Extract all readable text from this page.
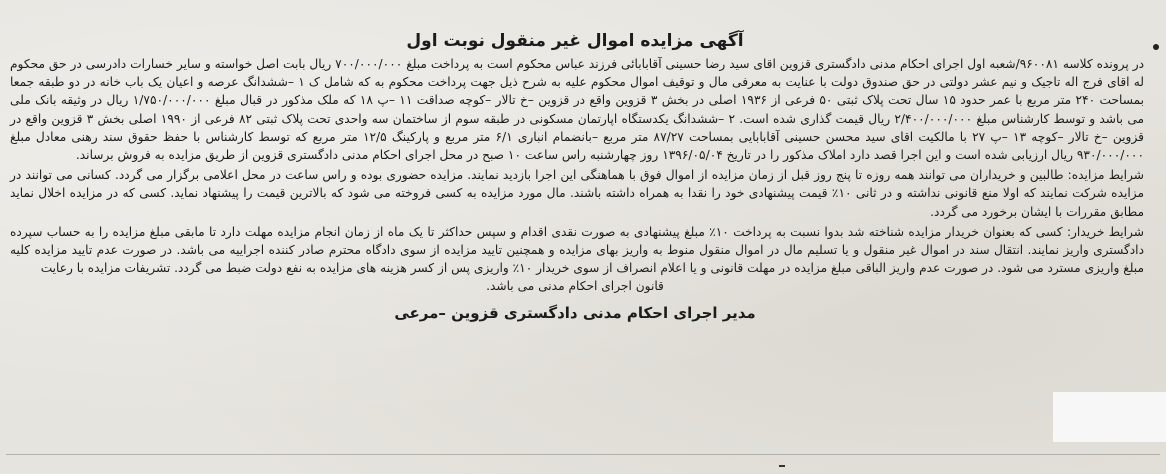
آگهی مزایده اموال غیر منقول نوبت اول

در پرونده کلاسه ۹۶۰۰۸۱/شعبه اول اجرای احکام مدنی دادگستری قزوین اقای سید رضا حسینی آقابابائی فرزند عباس محکوم است به پرداخت مبلغ ۷۰۰/۰۰۰/۰۰۰ ریال بابت اصل خواسته و سایر خسارات دادرسی در حق محکوم له اقای فرج اله تاجیک و نیم عشر دولتی در حق صندوق دولت با عنایت به معرفی مال و توقیف اموال محکوم علیه به شرح ذیل جهت پرداخت محکوم به که شامل ک ۱ –ششدانگ عرصه و اعیان یک باب خانه در دو طبقه جمعا بمساحت ۲۴۰ متر مربع با عمر حدود ۱۵ سال تحت پلاک ثبتی ۵۰ فرعی از ۱۹۳۶ اصلی در بخش ۳ قزوین واقع در قزوین –خ تالار –کوچه صداقت ۱۱ –پ ۱۸ که ملک مذکور در قبال مبلغ ۱/۷۵۰/۰۰۰/۰۰۰ ریال در وثیقه بانک ملی می باشد و توسط کارشناس مبلغ ۲/۴۰۰/۰۰۰/۰۰۰ ریال قیمت گذاری شده است. ۲ –ششدانگ یکدستگاه اپارتمان مسکونی در طبقه سوم از ساختمان سه واحدی تحت پلاک ثبتی ۸۲ فرعی از ۱۹۹۰ اصلی بخش ۳ قزوین واقع در قزوین –خ تالار –کوچه ۱۳ –پ ۲۷ با مالکیت اقای سید محسن حسینی آقابابایی بمساحت ۸۷/۲۷ متر مربع –بانضمام انباری ۶/۱ متر مربع و پارکینگ ۱۲/۵ متر مربع که توسط کارشناس با حفظ حقوق سند رهنی معادل مبلغ ۹۳۰/۰۰۰/۰۰۰ ریال ارزیابی شده است و این اجرا قصد دارد املاک مذکور را در تاریخ ۱۳۹۶/۰۵/۰۴ روز چهارشنبه راس ساعت ۱۰ صبح در محل اجرای احکام مدنی دادگستری قزوین از طریق مزایده به فروش برساند.

شرایط مزایده: طالبین و خریداران می توانند همه روزه تا پنج روز قبل از زمان مزایده از اموال فوق با هماهنگی این اجرا بازدید نمایند. مزایده حضوری بوده و راس ساعت در محل اعلامی برگزار می گردد. کسانی می توانند در مزایده شرکت نمایند که اولا منع قانونی نداشته و در ثانی ۱۰٪ قیمت پیشنهادی خود را نقدا به همراه داشته باشند. مال مورد مزایده به کسی فروخته می شود که بالاترین قیمت را پیشنهاد نماید. کسی که در مزایده اخلال نماید مطابق مقررات با ایشان برخورد می گردد.

شرایط خریدار: کسی که بعنوان خریدار مزایده شناخته شد بدوا نسبت به پرداخت ۱۰٪ مبلغ پیشنهادی به صورت نقدی اقدام و سپس حداکثر تا یک ماه از زمان انجام مزایده مهلت دارد تا مابقی مبلغ مزایده را به حساب سپرده دادگستری واریز نمایند. انتقال سند در اموال غیر منقول و یا تسلیم مال در اموال منقول منوط به واریز بهای مزایده و همچنین تایید مزایده از سوی دادگاه محترم صادر کننده اجراییه می باشد. در صورت عدم تایید مزایده کلیه مبلغ واریزی مسترد می شود. در صورت عدم واریز الباقی مبلغ مزایده در مهلت قانونی و یا اعلام انصراف از سوی خریدار ۱۰٪ واریزی پس از کسر هزینه های مزایده به نفع دولت ضبط می گردد. تشریفات مزایده با رعایت

قانون اجرای احکام مدنی می باشد.

مدیر اجرای احکام مدنی دادگستری قزوین –مرعی
